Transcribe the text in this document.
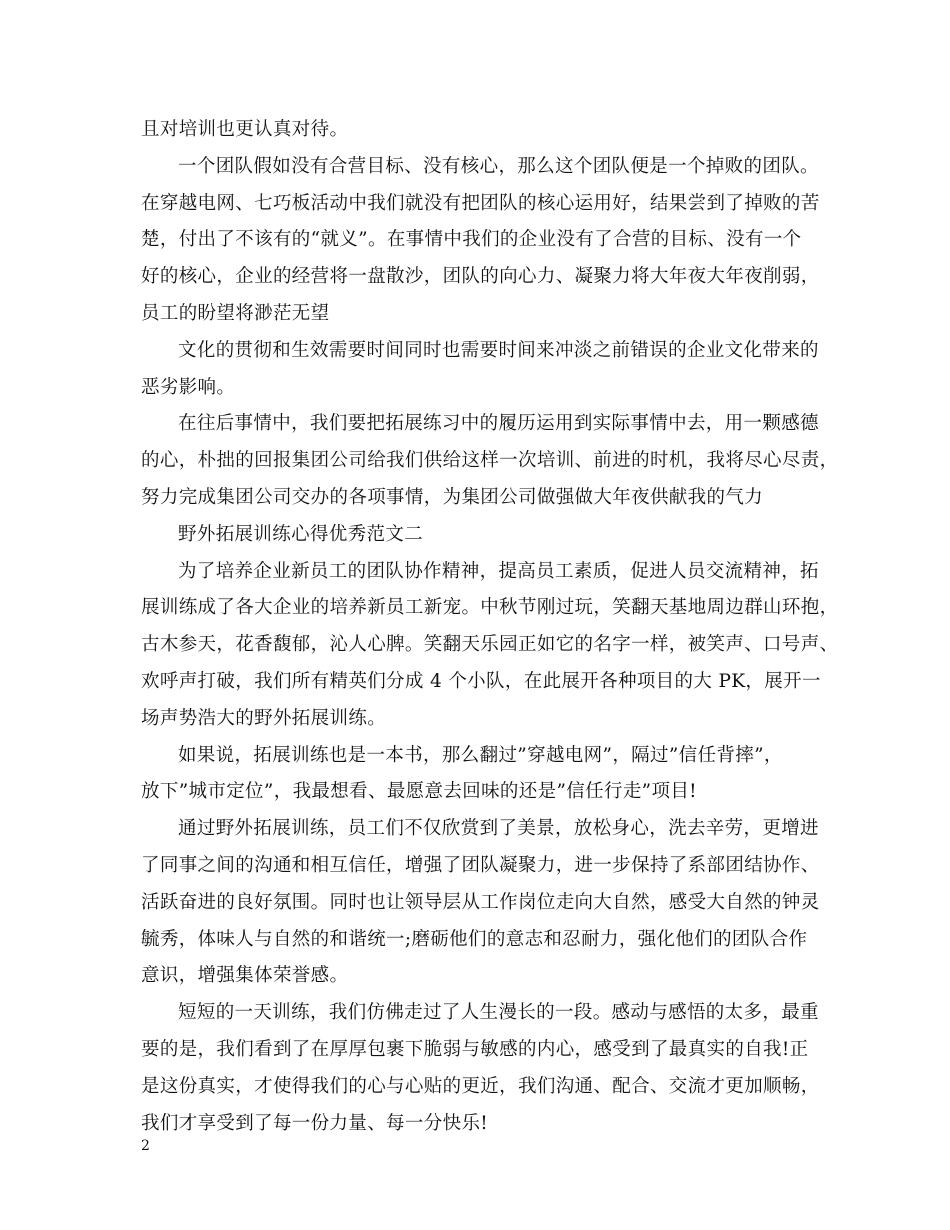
且对培训也更认真对待。
一个团队假如没有合营目标、没有核心，那么这个团队便是一个掉败的团队。
在穿越电网、七巧板活动中我们就没有把团队的核心运用好，结果尝到了掉败的苦
楚，付出了不该有的“就义”。在事情中我们的企业没有了合营的目标、没有一个
好的核心，企业的经营将一盘散沙，团队的向心力、凝聚力将大年夜大年夜削弱，
员工的盼望将渺茫无望
文化的贯彻和生效需要时间同时也需要时间来冲淡之前错误的企业文化带来的
恶劣影响。
在往后事情中，我们要把拓展练习中的履历运用到实际事情中去，用一颗感德
的心，朴拙的回报集团公司给我们供给这样一次培训、前进的时机，我将尽心尽责，
努力完成集团公司交办的各项事情，为集团公司做强做大年夜供献我的气力
野外拓展训练心得优秀范文二
为了培养企业新员工的团队协作精神，提高员工素质，促进人员交流精神，拓
展训练成了各大企业的培养新员工新宠。中秋节刚过玩，笑翻天基地周边群山环抱，
古木参天，花香馥郁，沁人心脾。笑翻天乐园正如它的名字一样，被笑声、口号声、
欢呼声打破，我们所有精英们分成 4 个小队，在此展开各种项目的大 PK，展开一
场声势浩大的野外拓展训练。
如果说，拓展训练也是一本书，那么翻过”穿越电网”，隔过”信任背摔”，
放下”城市定位”，我最想看、最愿意去回味的还是”信任行走”项目!
通过野外拓展训练，员工们不仅欣赏到了美景，放松身心，洗去辛劳，更增进
了同事之间的沟通和相互信任，增强了团队凝聚力，进一步保持了系部团结协作、
活跃奋进的良好氛围。同时也让领导层从工作岗位走向大自然，感受大自然的钟灵
毓秀，体味人与自然的和谐统一;磨砺他们的意志和忍耐力，强化他们的团队合作
意识，增强集体荣誉感。
短短的一天训练，我们仿佛走过了人生漫长的一段。感动与感悟的太多，最重
要的是，我们看到了在厚厚包裹下脆弱与敏感的内心，感受到了最真实的自我!正
是这份真实，才使得我们的心与心贴的更近，我们沟通、配合、交流才更加顺畅，
我们才享受到了每一份力量、每一分快乐!
2
